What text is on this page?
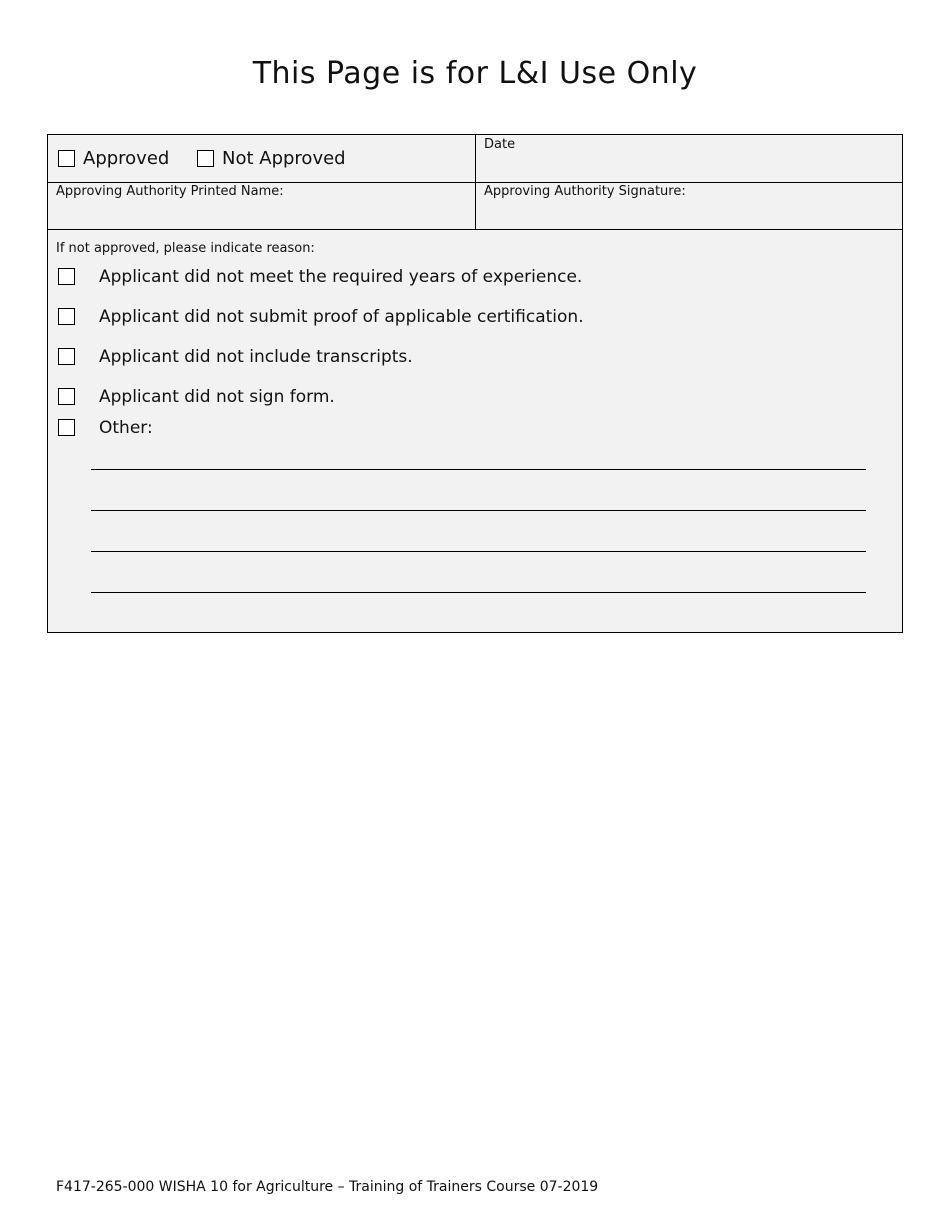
This Page is for L&I Use Only
Approved	Not Approved
Date
Approving Authority Printed Name:	Approving Authority Signature:
If not approved, please indicate reason:
Applicant did not meet the required years of experience.
Applicant did not submit proof of applicable certification.
Applicant did not include transcripts.
Applicant did not sign form.
Other:
F417-265-000 WISHA 10 for Agriculture – Training of Trainers Course 07-2019
